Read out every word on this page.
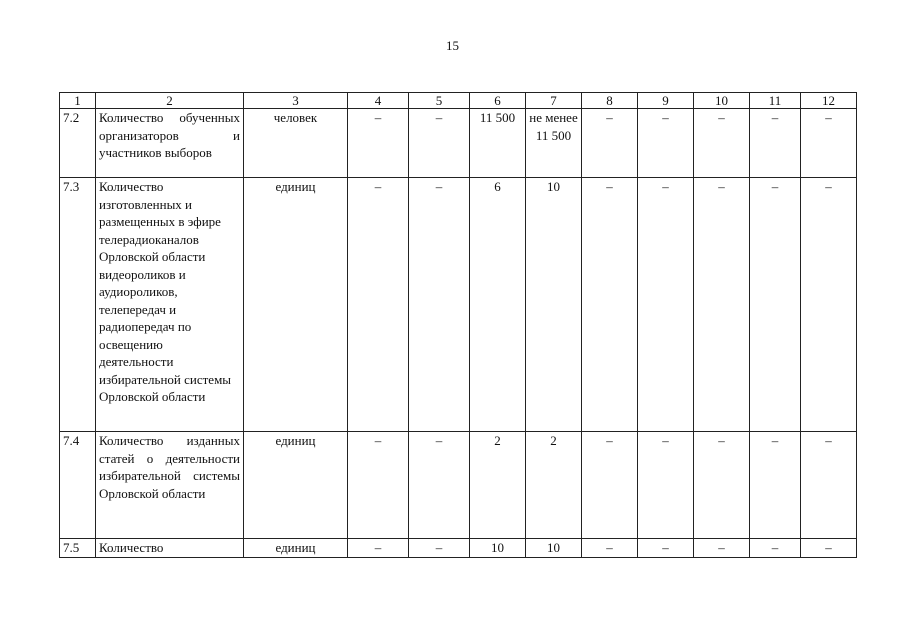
15
1	2	3	4	5	6	7	8	9	10	11	12
7.2	Количество обученных организаторов и участников выборов	человек	–	–	11 500	не менее 11 500	–	–	–	–	–
7.3	Количество изготовленных и размещенных в эфире телерадиоканалов Орловской области видеороликов и аудиороликов, телепередач и радиопередач по освещению деятельности избирательной системы Орловской области	единиц	–	–	6	10	–	–	–	–	–
7.4	Количество изданных статей о деятельности избирательной системы Орловской области	единиц	–	–	2	2	–	–	–	–	–
7.5	Количество	единиц	–	–	10	10	–	–	–	–	–
